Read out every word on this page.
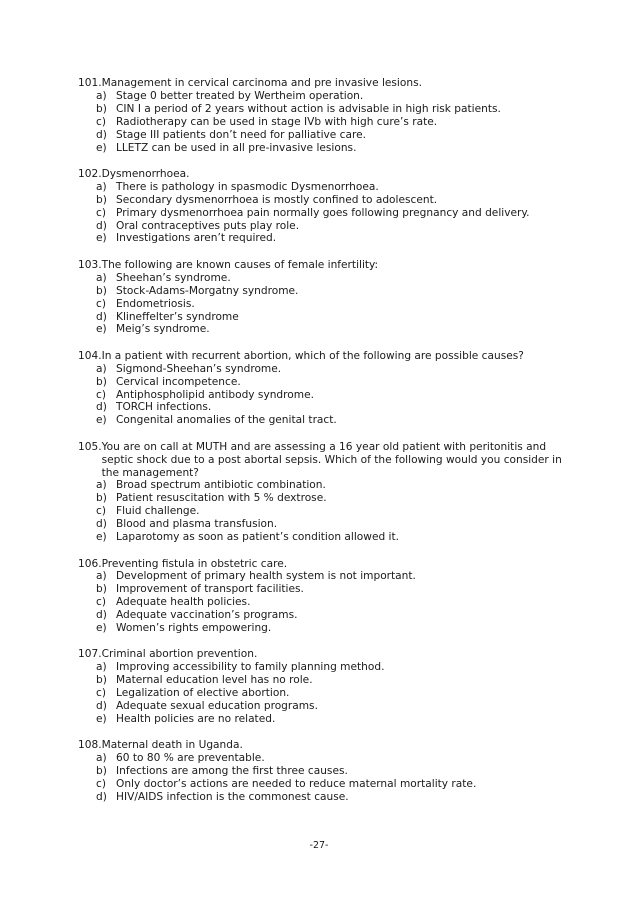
101. Management in cervical carcinoma and pre invasive lesions.
a) Stage 0 better treated by Wertheim operation.
b) CIN I a period of 2 years without action is advisable in high risk patients.
c) Radiotherapy can be used in stage IVb with high cure’s rate.
d) Stage III patients don’t need for palliative care.
e) LLETZ can be used in all pre-invasive lesions.
102. Dysmenorrhoea.
a) There is pathology in spasmodic Dysmenorrhoea.
b) Secondary dysmenorrhoea is mostly confined to adolescent.
c) Primary dysmenorrhoea pain normally goes following pregnancy and delivery.
d) Oral contraceptives puts play role.
e) Investigations aren’t required.
103. The following are known causes of female infertility:
a) Sheehan’s syndrome.
b) Stock-Adams-Morgatny syndrome.
c) Endometriosis.
d) Klineffelter’s syndrome
e) Meig’s syndrome.
104. In a patient with recurrent abortion, which of the following are possible causes?
a) Sigmond-Sheehan’s syndrome.
b) Cervical incompetence.
c) Antiphospholipid antibody syndrome.
d) TORCH infections.
e) Congenital anomalies of the genital tract.
105. You are on call at MUTH and are assessing a 16 year old patient with peritonitis and septic shock due to a post abortal sepsis. Which of the following would you consider in the management?
a) Broad spectrum antibiotic combination.
b) Patient resuscitation with 5 % dextrose.
c) Fluid challenge.
d) Blood and plasma transfusion.
e) Laparotomy as soon as patient’s condition allowed it.
106. Preventing fistula in obstetric care.
a) Development of primary health system is not important.
b) Improvement of transport facilities.
c) Adequate health policies.
d) Adequate vaccination’s programs.
e) Women’s rights empowering.
107. Criminal abortion prevention.
a) Improving accessibility to family planning method.
b) Maternal education level has no role.
c) Legalization of elective abortion.
d) Adequate sexual education programs.
e) Health policies are no related.
108. Maternal death in Uganda.
a) 60 to 80 % are preventable.
b) Infections are among the first three causes.
c) Only doctor’s actions are needed to reduce maternal mortality rate.
d) HIV/AIDS infection is the commonest cause.
-27-
